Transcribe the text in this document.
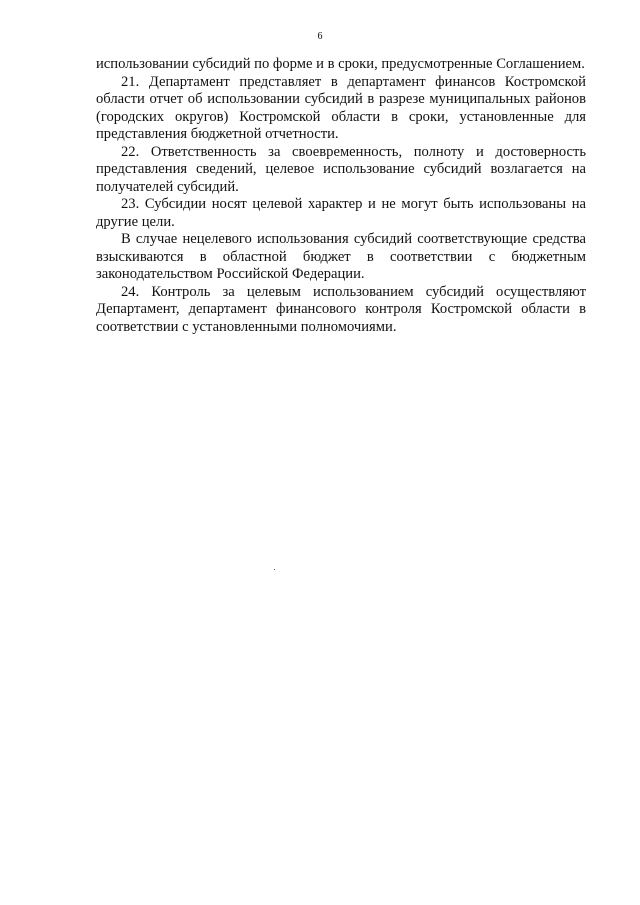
6

использовании субсидий по форме и в сроки, предусмотренные Соглашением.

21. Департамент представляет в департамент финансов Костромской области отчет об использовании субсидий в разрезе муниципальных районов (городских округов) Костромской области в сроки, установленные для представления бюджетной отчетности.

22. Ответственность за своевременность, полноту и достоверность представления сведений, целевое использование субсидий возлагается на получателей субсидий.

23. Субсидии носят целевой характер и не могут быть использованы на другие цели.

В случае нецелевого использования субсидий соответствующие средства взыскиваются в областной бюджет в соответствии с бюджетным законодательством Российской Федерации.

24. Контроль за целевым использованием субсидий осуществляют Департамент, департамент финансового контроля Костромской области в соответствии с установленными полномочиями.
